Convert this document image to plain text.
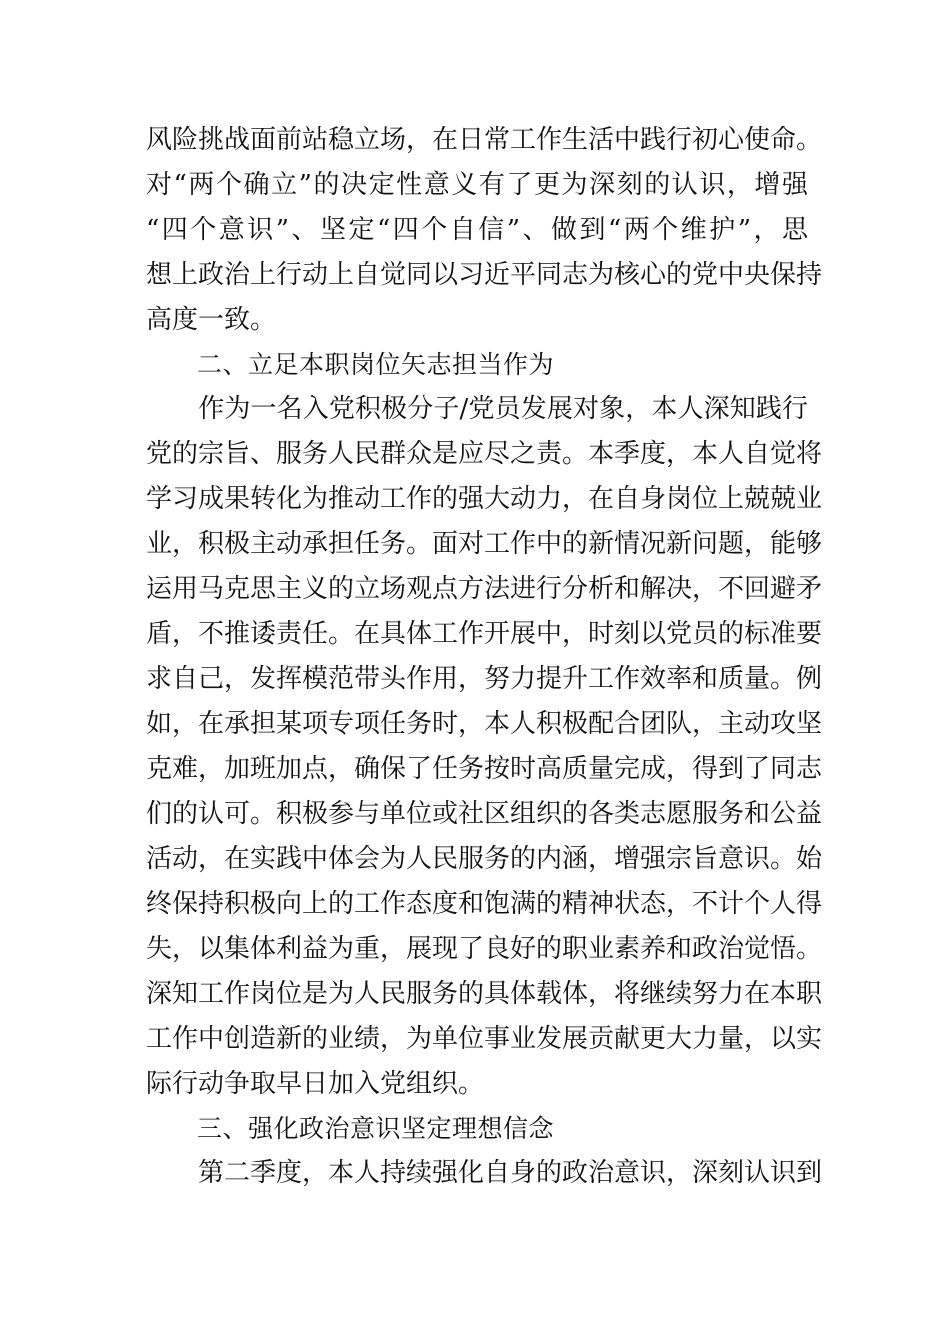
风险挑战面前站稳立场，在日常工作生活中践行初心使命。
对“两个确立”的决定性意义有了更为深刻的认识，增强
“四个意识”、坚定“四个自信”、做到“两个维护”，思
想上政治上行动上自觉同以习近平同志为核心的党中央保持
高度一致。
二、立足本职岗位矢志担当作为
　　作为一名入党积极分子/党员发展对象，本人深知践行
党的宗旨、服务人民群众是应尽之责。本季度，本人自觉将
学习成果转化为推动工作的强大动力，在自身岗位上兢兢业
业，积极主动承担任务。面对工作中的新情况新问题，能够
运用马克思主义的立场观点方法进行分析和解决，不回避矛
盾，不推诿责任。在具体工作开展中，时刻以党员的标准要
求自己，发挥模范带头作用，努力提升工作效率和质量。例
如，在承担某项专项任务时，本人积极配合团队，主动攻坚
克难，加班加点，确保了任务按时高质量完成，得到了同志
们的认可。积极参与单位或社区组织的各类志愿服务和公益
活动，在实践中体会为人民服务的内涵，增强宗旨意识。始
终保持积极向上的工作态度和饱满的精神状态，不计个人得
失，以集体利益为重，展现了良好的职业素养和政治觉悟。
深知工作岗位是为人民服务的具体载体，将继续努力在本职
工作中创造新的业绩，为单位事业发展贡献更大力量，以实
际行动争取早日加入党组织。
三、强化政治意识坚定理想信念
　　第二季度，本人持续强化自身的政治意识，深刻认识到
